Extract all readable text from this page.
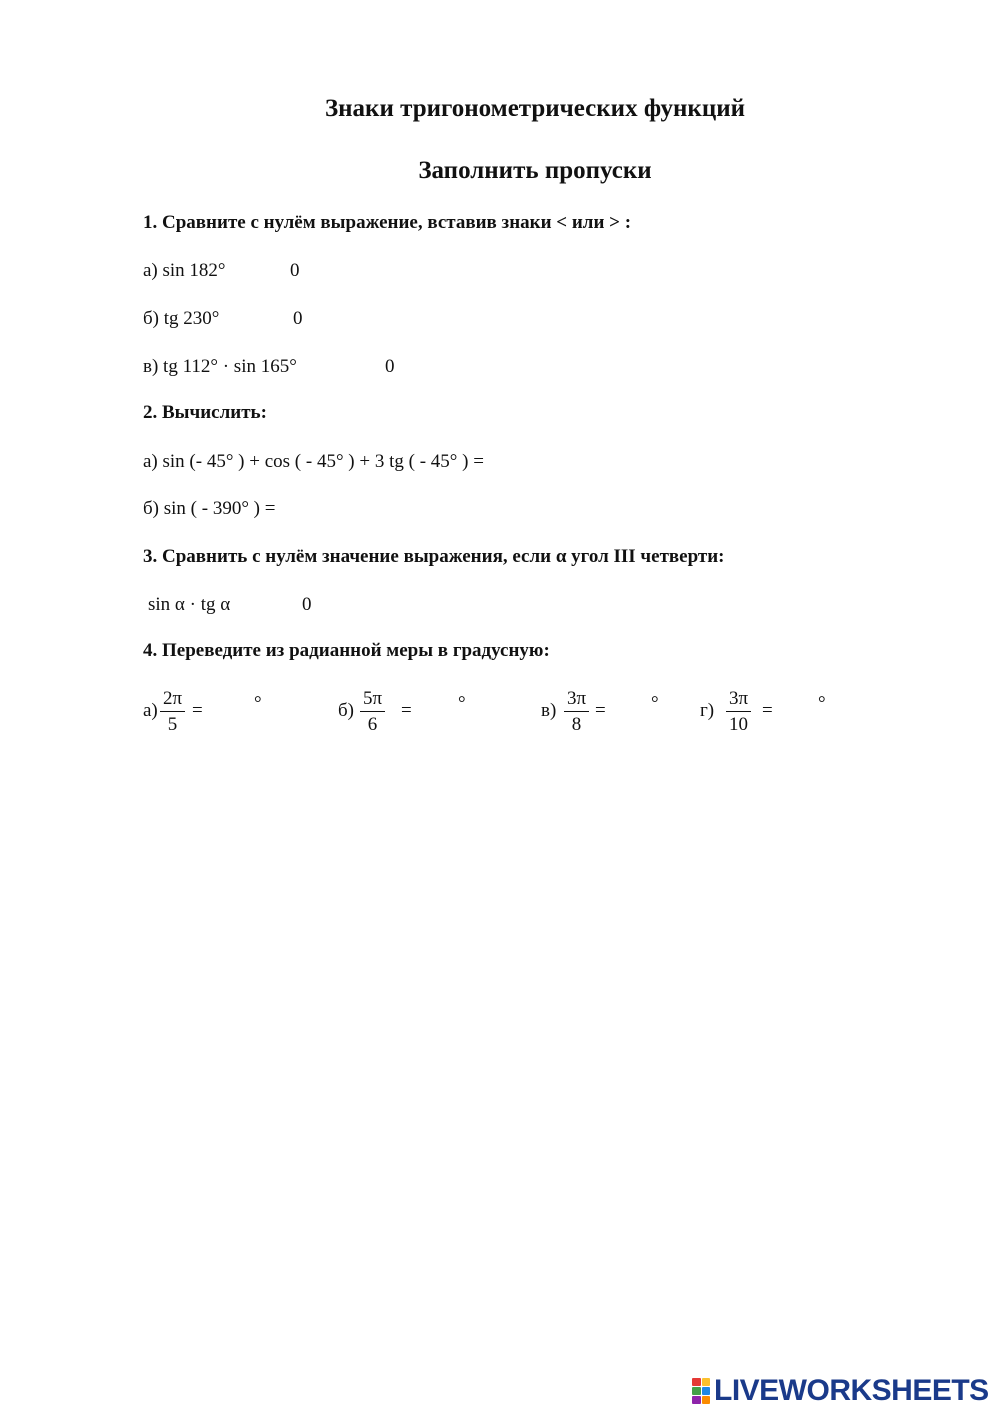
Знаки тригонометрических функций
Заполнить пропуски
1. Сравните с нулём выражение, вставив знаки < или > :
а) sin 182°	0
б) tg 230°	0
в) tg 112° · sin 165°	0
2. Вычислить:
а) sin (- 45° ) + cos ( - 45° ) + 3 tg ( - 45° ) =
б) sin ( - 390° ) =
3. Сравнить с нулём значение выражения, если α угол III четверти:
sin α · tg α	0
4. Переведите из радианной меры в градусную:
$а) \frac{2\pi}{5}$ =	°	$б) \frac{5\pi}{6}$ = °	$в) \frac{3\pi}{8}$ = ° $г) \frac{3\pi}{10}$ = °
LIVEWORKSHEETS
